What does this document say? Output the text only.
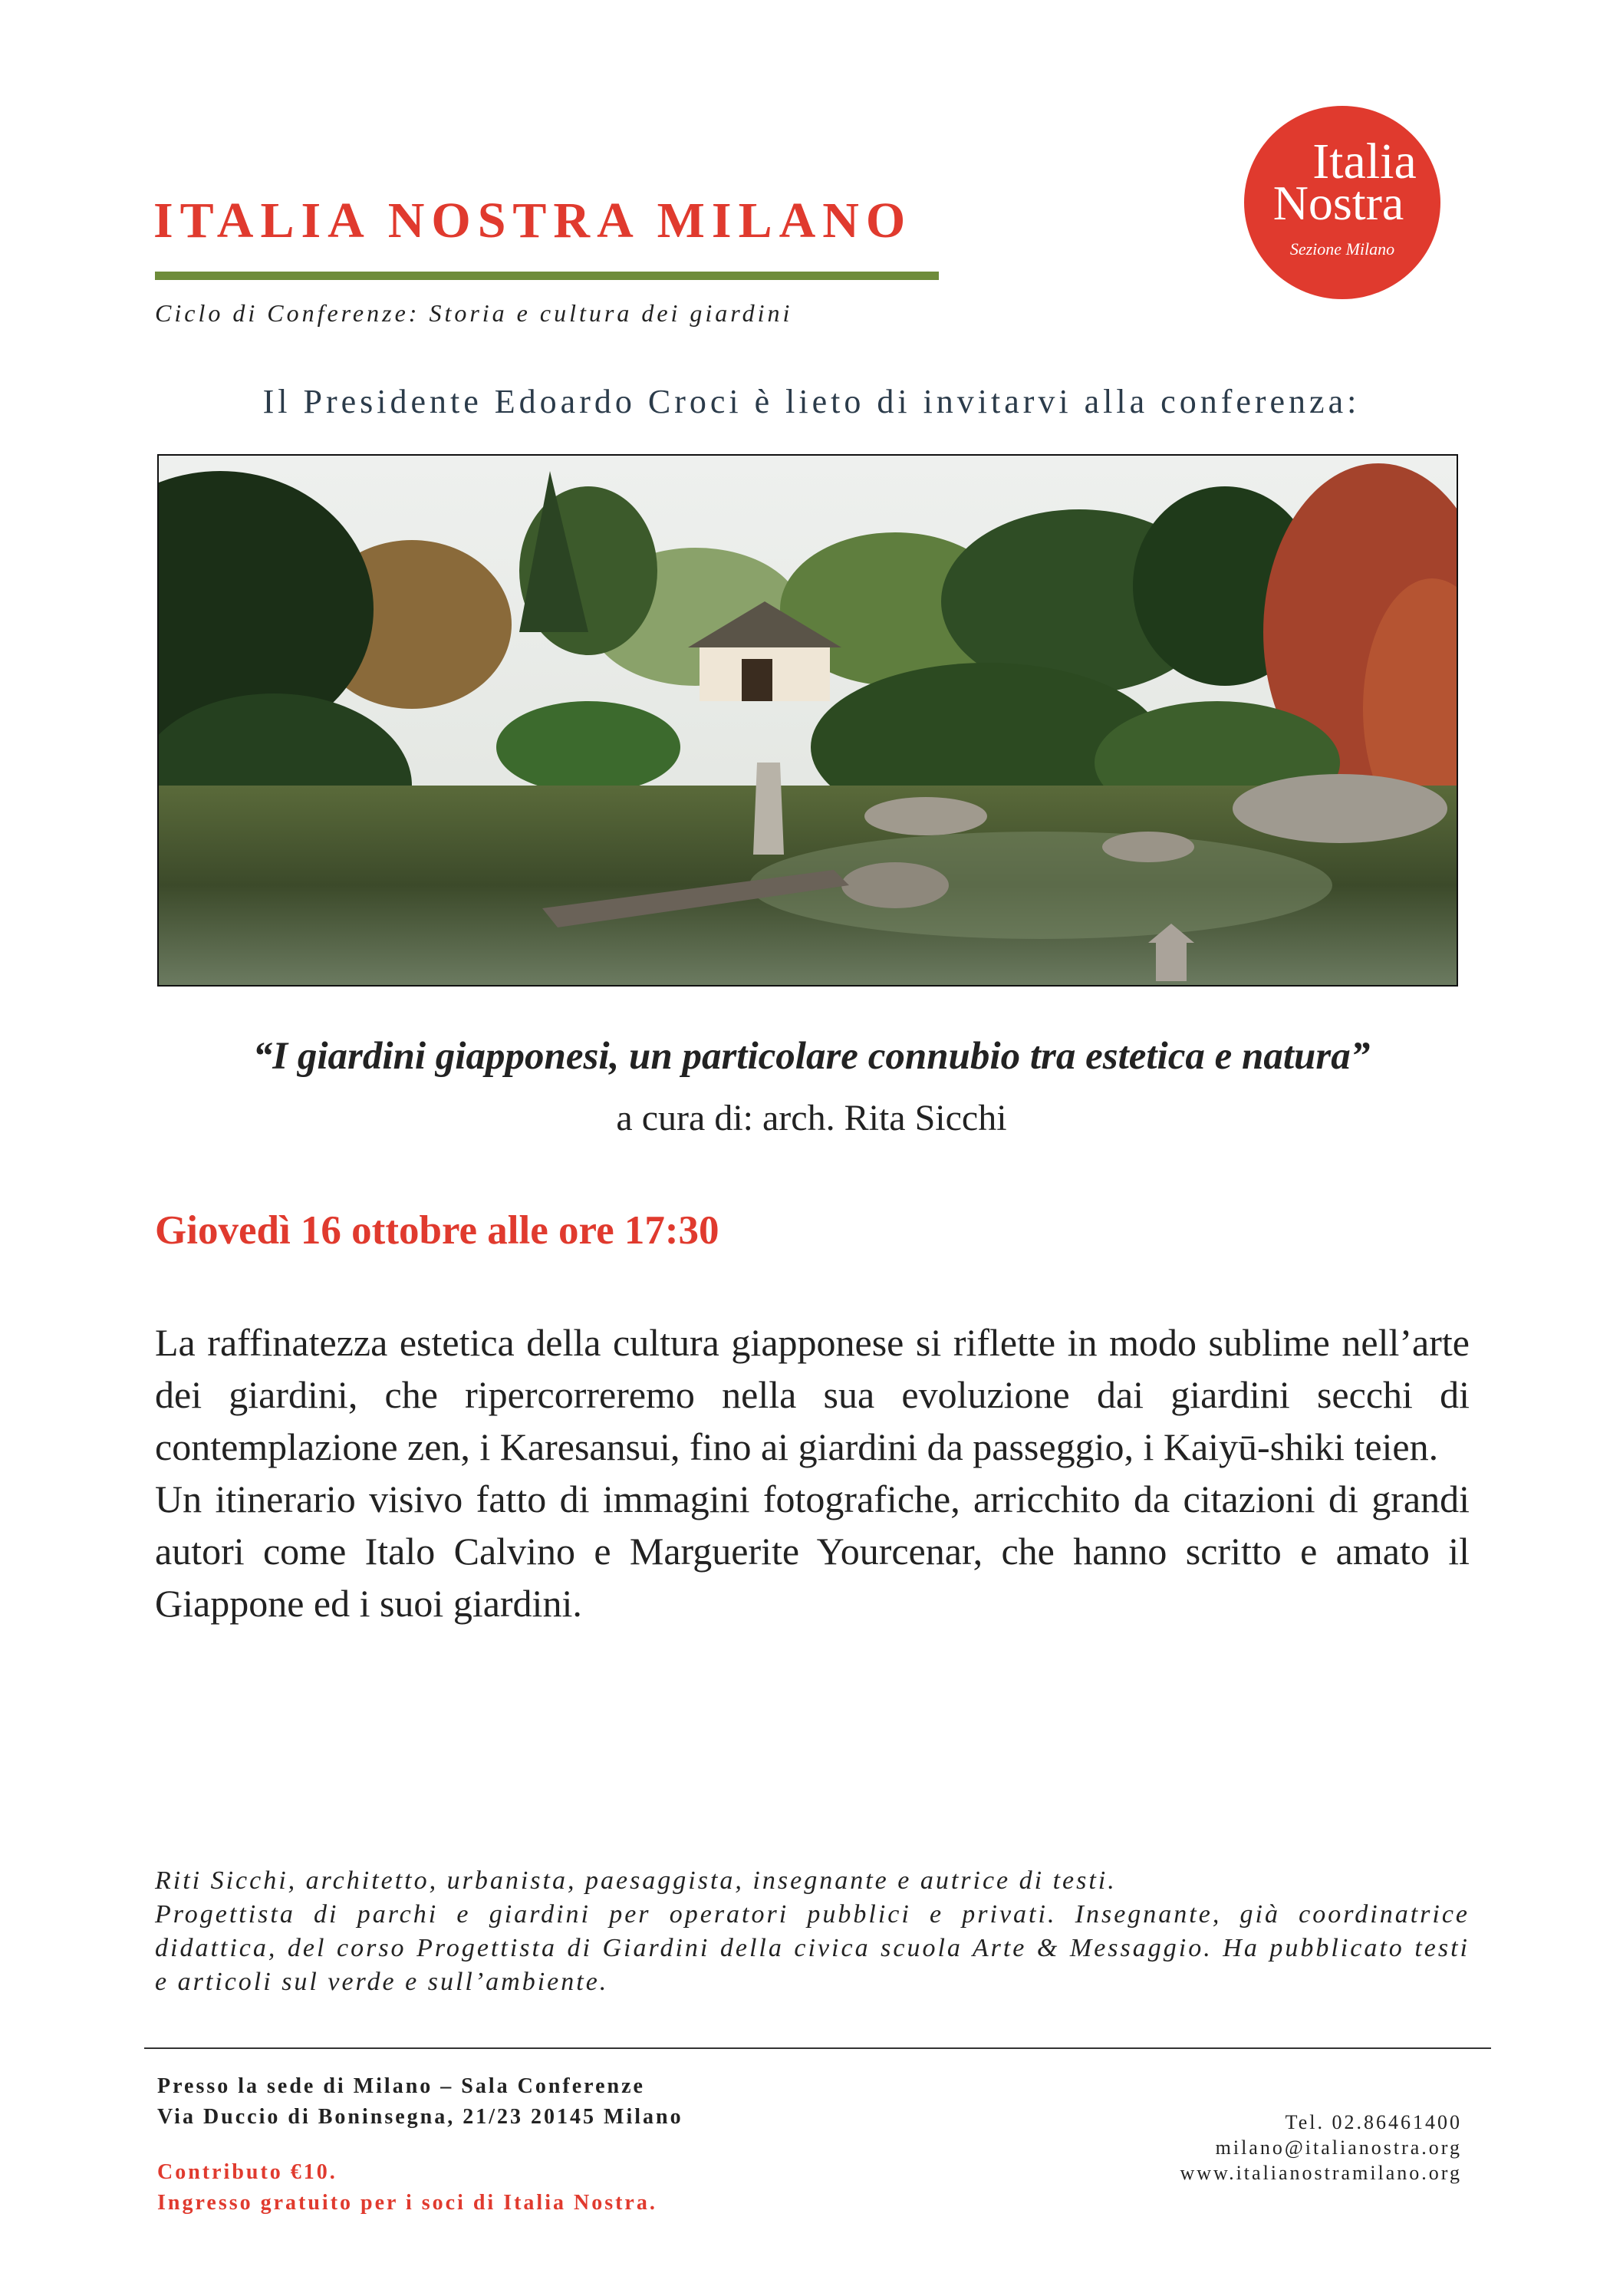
ITALIA NOSTRA MILANO
Ciclo di Conferenze: Storia e cultura dei giardini
Italia
Nostra
Sezione Milano
Il Presidente Edoardo Croci è lieto di invitarvi alla conferenza:
“I giardini giapponesi, un particolare connubio tra estetica e natura”
a cura di: arch. Rita Sicchi
Giovedì 16 ottobre alle ore 17:30

La raffinatezza estetica della cultura giapponese si riflette in modo sublime nell’arte dei giardini, che ripercorreremo nella sua evoluzione dai giardini secchi di contemplazione zen, i Karesansui, fino ai giardini da passeggio, i Kaiyū-shiki teien.

Un itinerario visivo fatto di immagini fotografiche, arricchito da citazioni di grandi autori come Italo Calvino e Marguerite Yourcenar, che hanno scritto e amato il Giappone ed i suoi giardini.

Riti Sicchi, architetto, urbanista, paesaggista, insegnante e autrice di testi.

Progettista di parchi e giardini per operatori pubblici e privati. Insegnante, già coordinatrice didattica, del corso Progettista di Giardini della civica scuola Arte & Messaggio. Ha pubblicato testi e articoli sul verde e sull’ambiente.

Presso la sede di Milano – Sala Conferenze
Via Duccio di Boninsegna, 21/23 20145 Milano
Contributo €10.
Ingresso gratuito per i soci di Italia Nostra.
Tel. 02.86461400
milano@italianostra.org
www.italianostramilano.org
